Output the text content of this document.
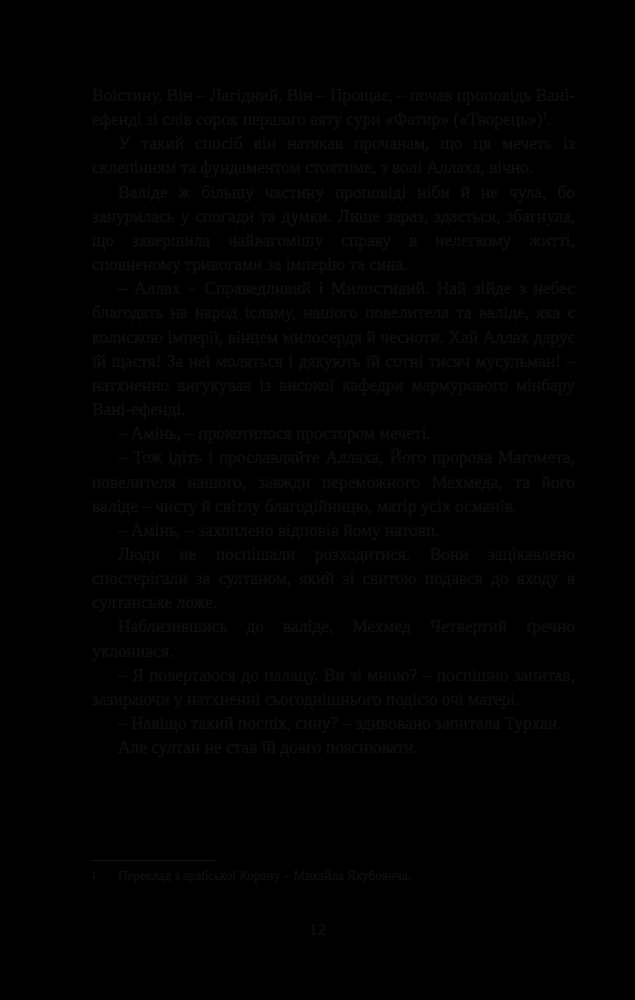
Воістину, Він – Лагідний, Він – Прощає, – почав проповідь Вані-ефенді зі слів сорок першого аяту сури «Фатир» («Творець»)$^1$.

У такий спосіб він натякав прочанам, що ця мечеть із склепінням та фундаментом стоятиме, з волі Аллаха, вічно.

Валіде ж більшу частину проповіді ніби й не чула, бо занурилась у спогади та думки. Лише зараз, здається, збагнула, що завершила найвагомішу справу в нелегкому житті, сповненому тривогами за імперію та сина.

– Аллах – Справедливий і Милостивий. Най зійде з небес благодать на народ ісламу, нашого повелителя та валіде, яка є колискою імперії, вінцем милосердя й чесноти. Хай Аллах дарує їй щастя! За неї моляться і дякують їй сотні тисяч мусульман! – натхненно вигукував із високої кафедри мармурового мінбару Вані-ефенді.

– Амінь, – прокотилося простором мечеті.

– Тож ідіть і прославляйте Аллаха, Його пророка Магомета, повелителя нашого, завжди переможного Мехмеда, та його валіде – чисту й світлу благодійницю, матір усіх османів.

– Амінь, – захоплено відповів йому натовп.

Люди не поспішали розходитися. Вони зацікавлено спостерігали за султаном, який зі свитою подався до входу в султанське ложе.

Наблизившись до валіде, Мехмед Четвертий ґречно уклонився.

– Я повертаюся до палацу. Ви зі мною? – поспішно запитав, зазираючи у натхненні сьогоднішнього подією очі матері.

– Навіщо такий поспіх, сину? – здивовано запитала Турхан.

Але султан не став їй довго пояснювати.

1 Переклад з арабської Корану – Михайла Якубовича.
12
